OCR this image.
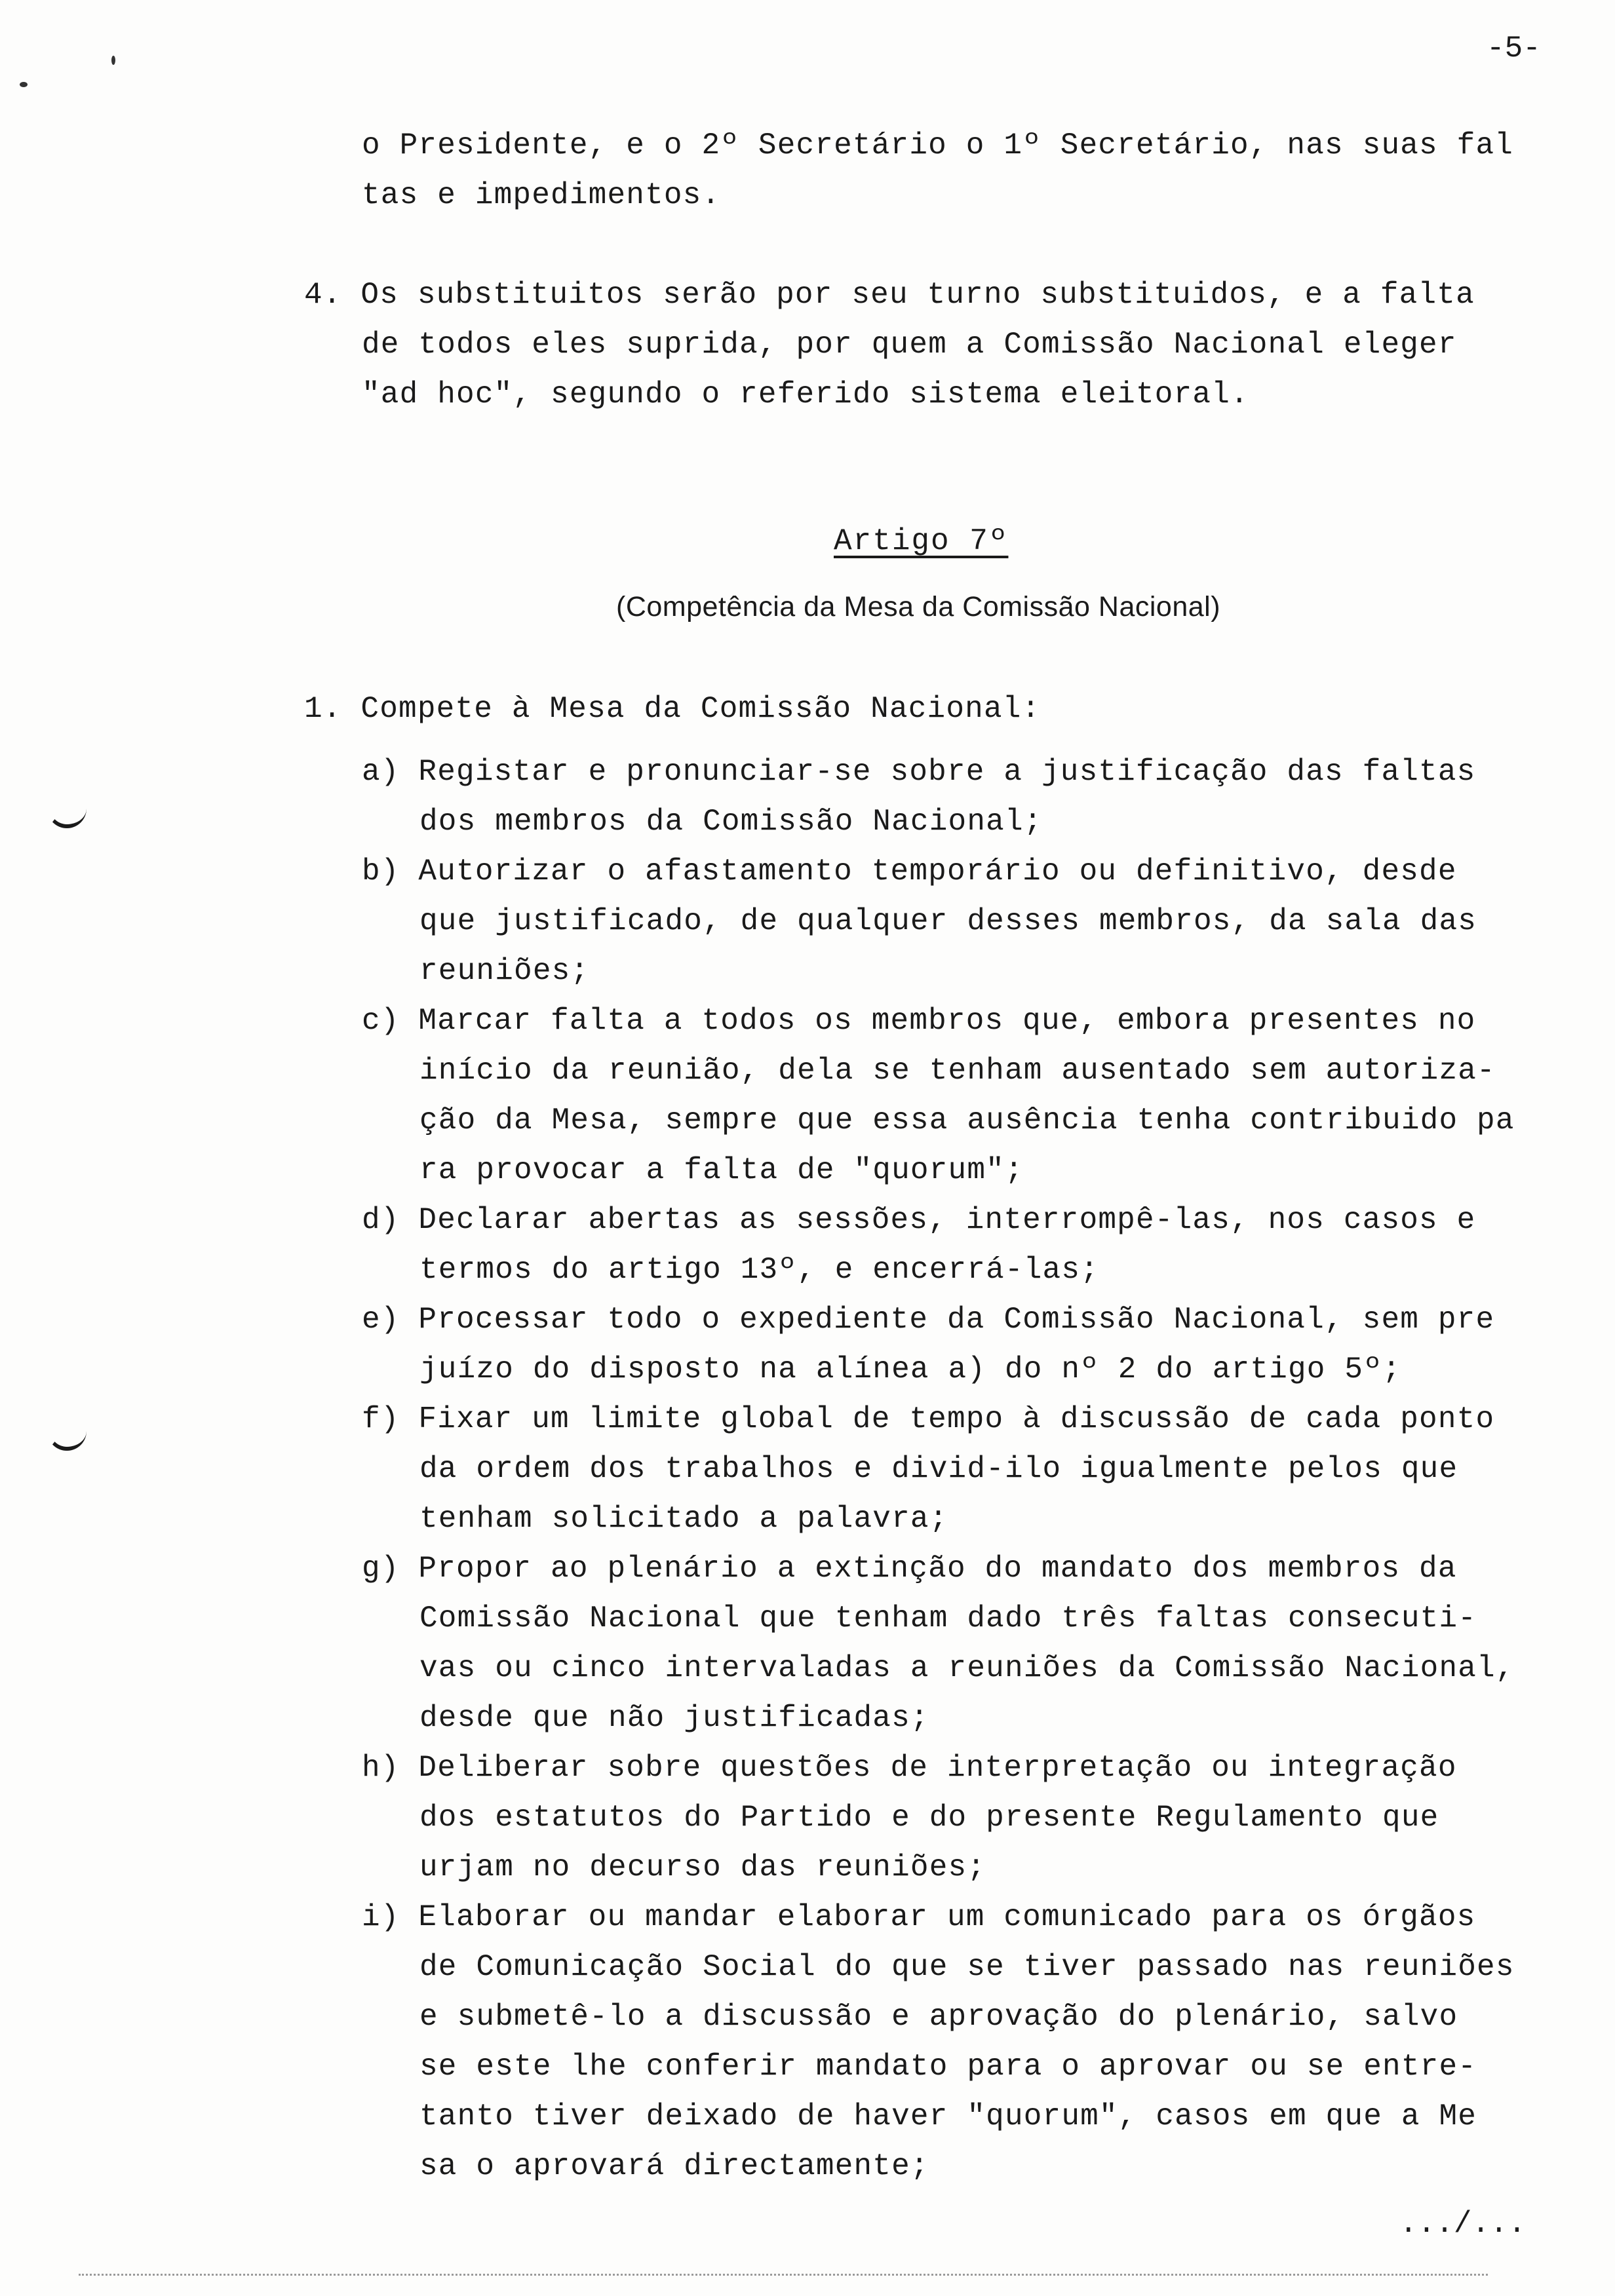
-5-
o Presidente, e o 2º Secretário o 1º Secretário, nas suas fal
tas e impedimentos.
4. Os substituitos serão por seu turno substituidos, e a falta
de todos eles suprida, por quem a Comissão Nacional eleger
"ad hoc", segundo o referido sistema eleitoral.
Artigo 7º
(Competência da Mesa da Comissão Nacional)
1. Compete à Mesa da Comissão Nacional:
a) Registar e pronunciar-se sobre a justificação das faltas
dos membros da Comissão Nacional;
b) Autorizar o afastamento temporário ou definitivo, desde
que justificado, de qualquer desses membros, da sala das
reuniões;
c) Marcar falta a todos os membros que, embora presentes no
início da reunião, dela se tenham ausentado sem autoriza-
ção da Mesa, sempre que essa ausência tenha contribuido pa
ra provocar a falta de "quorum";
d) Declarar abertas as sessões, interrompê-las, nos casos e
termos do artigo 13º, e encerrá-las;
e) Processar todo o expediente da Comissão Nacional, sem pre
juízo do disposto na alínea a) do nº 2 do artigo 5º;
f) Fixar um limite global de tempo à discussão de cada ponto
da ordem dos trabalhos e divid-ilo igualmente pelos que
tenham solicitado a palavra;
g) Propor ao plenário a extinção do mandato dos membros da
Comissão Nacional que tenham dado três faltas consecuti-
vas ou cinco intervaladas a reuniões da Comissão Nacional,
desde que não justificadas;
h) Deliberar sobre questões de interpretação ou integração
dos estatutos do Partido e do presente Regulamento que
urjam no decurso das reuniões;
i) Elaborar ou mandar elaborar um comunicado para os órgãos
de Comunicação Social do que se tiver passado nas reuniões
e submetê-lo a discussão e aprovação do plenário, salvo
se este lhe conferir mandato para o aprovar ou se entre-
tanto tiver deixado de haver "quorum", casos em que a Me
sa o aprovará directamente;
.../...
